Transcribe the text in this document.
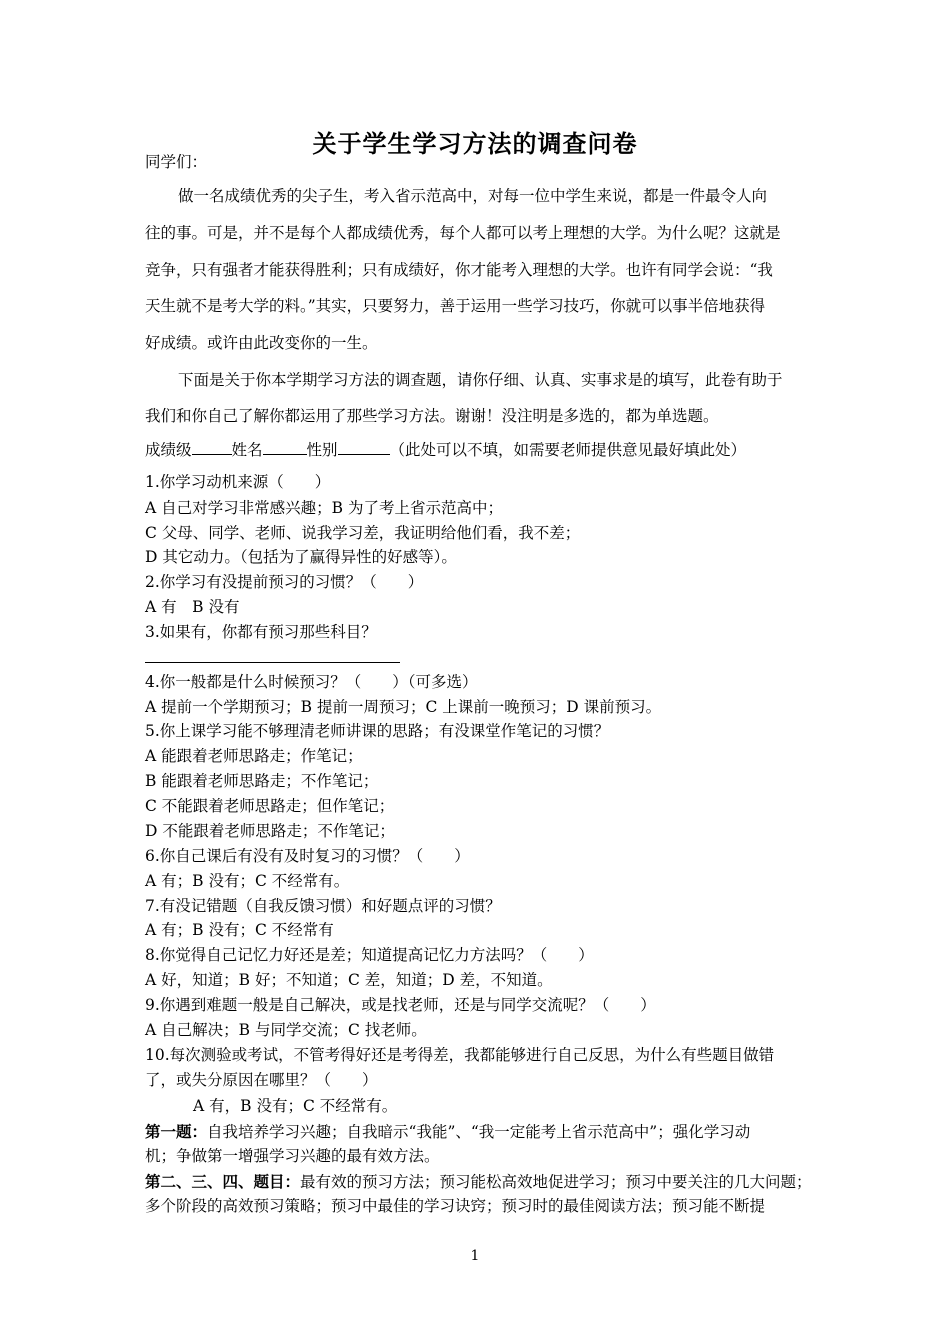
关于学生学习方法的调查问卷
同学们：
做一名成绩优秀的尖子生，考入省示范高中，对每一位中学生来说，都是一件最令人向
往的事。可是，并不是每个人都成绩优秀，每个人都可以考上理想的大学。为什么呢？这就是
竞争，只有强者才能获得胜利；只有成绩好，你才能考入理想的大学。也许有同学会说：“我
天生就不是考大学的料。”其实，只要努力，善于运用一些学习技巧，你就可以事半倍地获得
好成绩。或许由此改变你的一生。
下面是关于你本学期学习方法的调查题，请你仔细、认真、实事求是的填写，此卷有助于
我们和你自己了解你都运用了那些学习方法。谢谢！没注明是多选的，都为单选题。
成绩级	姓名	性别	（此处可以不填，如需要老师提供意见最好填此处）
1.你学习动机来源（　　）
A 自己对学习非常感兴趣；B 为了考上省示范高中；
C 父母、同学、老师、说我学习差，我证明给他们看，我不差；
D 其它动力。（包括为了赢得异性的好感等）。
2.你学习有没提前预习的习惯？（　　）
A 有　B 没有
3.如果有，你都有预习那些科目？
4.你一般都是什么时候预习？（　　）（可多选）
A 提前一个学期预习；B 提前一周预习；C 上课前一晚预习；D 课前预习。
5.你上课学习能不够理清老师讲课的思路；有没课堂作笔记的习惯？
A 能跟着老师思路走；作笔记；
B 能跟着老师思路走；不作笔记；
C 不能跟着老师思路走；但作笔记；
D 不能跟着老师思路走；不作笔记；
6.你自己课后有没有及时复习的习惯？（　　）
A 有；B 没有；C 不经常有。
7.有没记错题（自我反馈习惯）和好题点评的习惯？
A 有；B 没有；C 不经常有
8.你觉得自己记忆力好还是差；知道提高记忆力方法吗？（　　）
A 好，知道；B 好；不知道；C 差，知道；D 差，不知道。
9.你遇到难题一般是自己解决，或是找老师，还是与同学交流呢？（　　）
A 自己解决；B 与同学交流；C 找老师。
10.每次测验或考试，不管考得好还是考得差，我都能够进行自己反思，为什么有些题目做错
了，或失分原因在哪里？（　　）
A 有，B 没有；C 不经常有。
第一题：自我培养学习兴趣；自我暗示“我能”、“我一定能考上省示范高中”；强化学习动
机；争做第一增强学习兴趣的最有效方法。
第二、三、四、题目：最有效的预习方法；预习能松高效地促进学习；预习中要关注的几大问题；
多个阶段的高效预习策略；预习中最佳的学习诀窍；预习时的最佳阅读方法；预习能不断提
1
